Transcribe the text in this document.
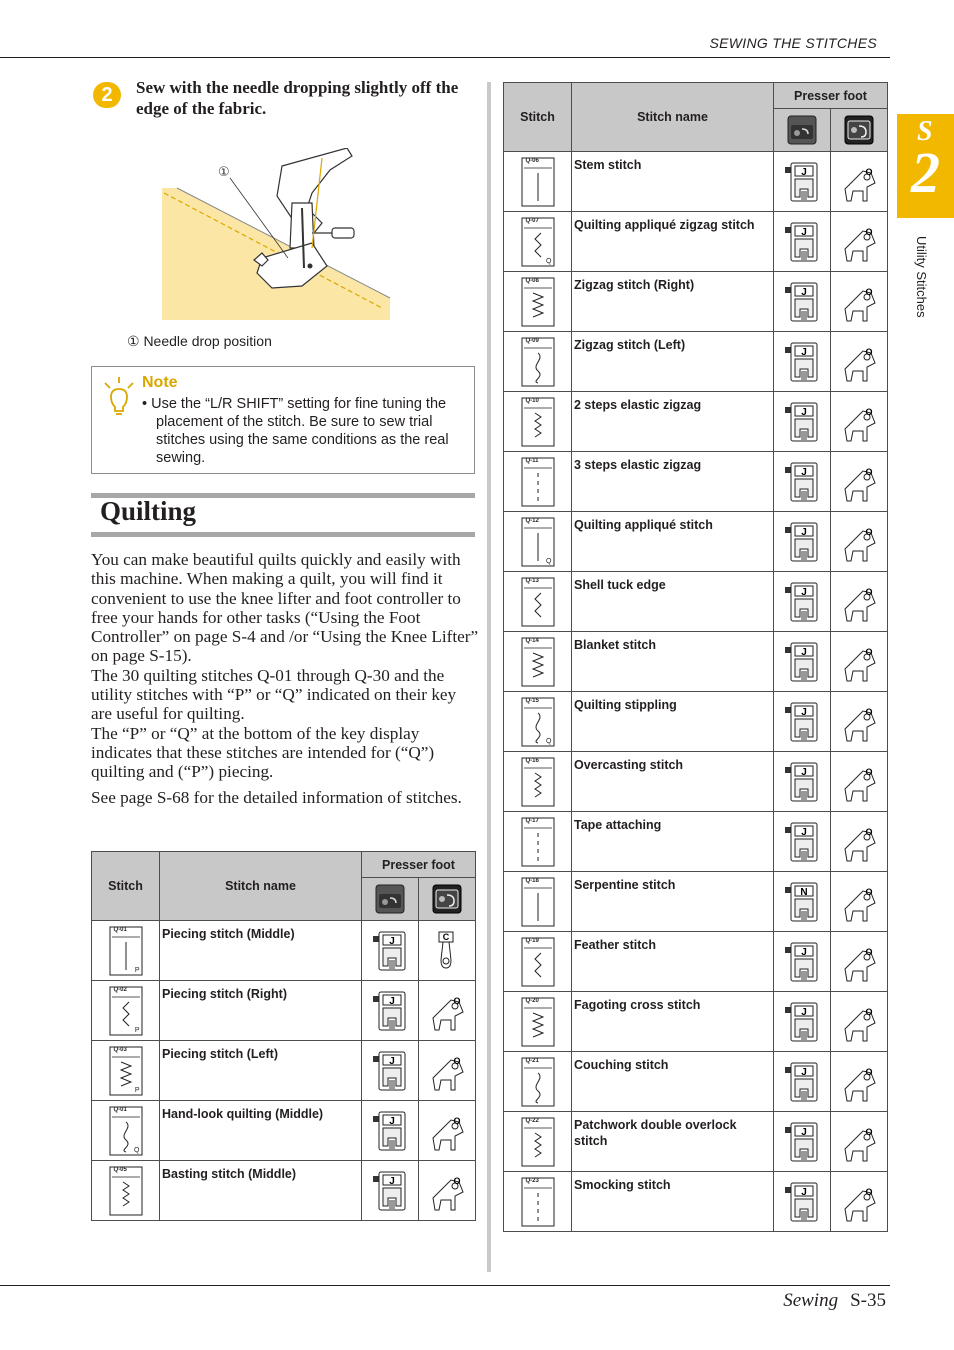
SEWING THE STITCHES
S
2
Utility Stitches
2	Sew with the needle dropping slightly off the edge of the fabric.
①
① Needle drop position
Note
• Use the “L/R SHIFT” setting for fine tuning the placement of the stitch. Be sure to sew trial stitches using the same conditions as the real sewing.
Quilting

You can make beautiful quilts quickly and easily with this machine. When making a quilt, you will find it convenient to use the knee lifter and foot controller to free your hands for other tasks (“Using the Foot Controller” on page S-4 and /or “Using the Knee Lifter” on page S-15).

The 30 quilting stitches Q-01 through Q-30 and the utility stitches with “P” or “Q” indicated on their key are useful for quilting.

The “P” or “Q” at the bottom of the key display indicates that these stitches are intended for (“Q”) quilting and (“P”) piecing.

See page S-68 for the detailed information of stitches.

Stitch	Stitch name	Presser foot	

Q-01
P	Piecing stitch (Middle)	J	C

Q-02
P	Piecing stitch (Right)	J	O

Q-03
P	Piecing stitch (Left)	J	O

Q-01
Q	Hand-look quilting (Middle)	J	O

Q-05	Basting stitch (Middle)	J	O
Stitch	Stitch name	Presser foot	

Q-06	Stem stitch	J	O

Q-07
Q	Quilting appliqué zigzag stitch	J	O

Q-08	Zigzag stitch (Right)	J	O

Q-09	Zigzag stitch (Left)	J	O

Q-10	2 steps elastic zigzag	J	O

Q-11	3 steps elastic zigzag	J	O

Q-12
Q	Quilting appliqué stitch	J	O

Q-13	Shell tuck edge	J	O

Q-14	Blanket stitch	J	O

Q-15
Q	Quilting stippling	J	O

Q-16	Overcasting stitch	J	O

Q-17	Tape attaching	J	O

Q-18	Serpentine stitch	N	O

Q-19	Feather stitch	J	O

Q-20	Fagoting cross stitch	J	O

Q-21	Couching stitch	J	O

Q-22	Patchwork double overlock stitch	J	O

Q-23	Smocking stitch	J	O
Sewing S-35
